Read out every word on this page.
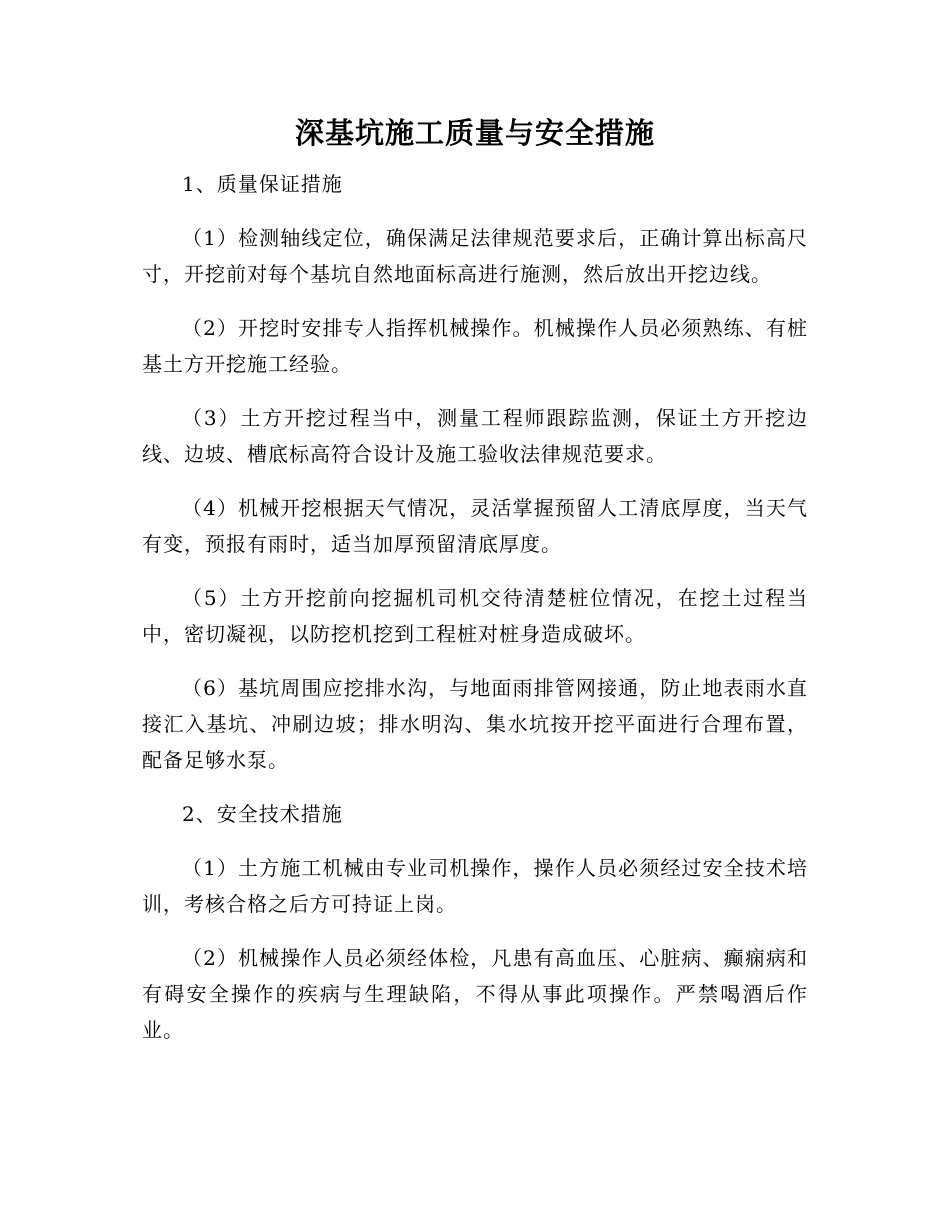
深基坑施工质量与安全措施

1、质量保证措施

（1）检测轴线定位，确保满足法律规范要求后，正确计算出标高尺寸，开挖前对每个基坑自然地面标高进行施测，然后放出开挖边线。

（2）开挖时安排专人指挥机械操作。机械操作人员必须熟练、有桩基土方开挖施工经验。

（3）土方开挖过程当中，测量工程师跟踪监测，保证土方开挖边线、边坡、槽底标高符合设计及施工验收法律规范要求。

（4）机械开挖根据天气情况，灵活掌握预留人工清底厚度，当天气有变，预报有雨时，适当加厚预留清底厚度。

（5）土方开挖前向挖掘机司机交待清楚桩位情况，在挖土过程当中，密切凝视，以防挖机挖到工程桩对桩身造成破坏。

（6）基坑周围应挖排水沟，与地面雨排管网接通，防止地表雨水直接汇入基坑、冲刷边坡；排水明沟、集水坑按开挖平面进行合理布置，配备足够水泵。

2、安全技术措施

（1）土方施工机械由专业司机操作，操作人员必须经过安全技术培训，考核合格之后方可持证上岗。

（2）机械操作人员必须经体检，凡患有高血压、心脏病、癫痫病和有碍安全操作的疾病与生理缺陷，不得从事此项操作。严禁喝酒后作业。
